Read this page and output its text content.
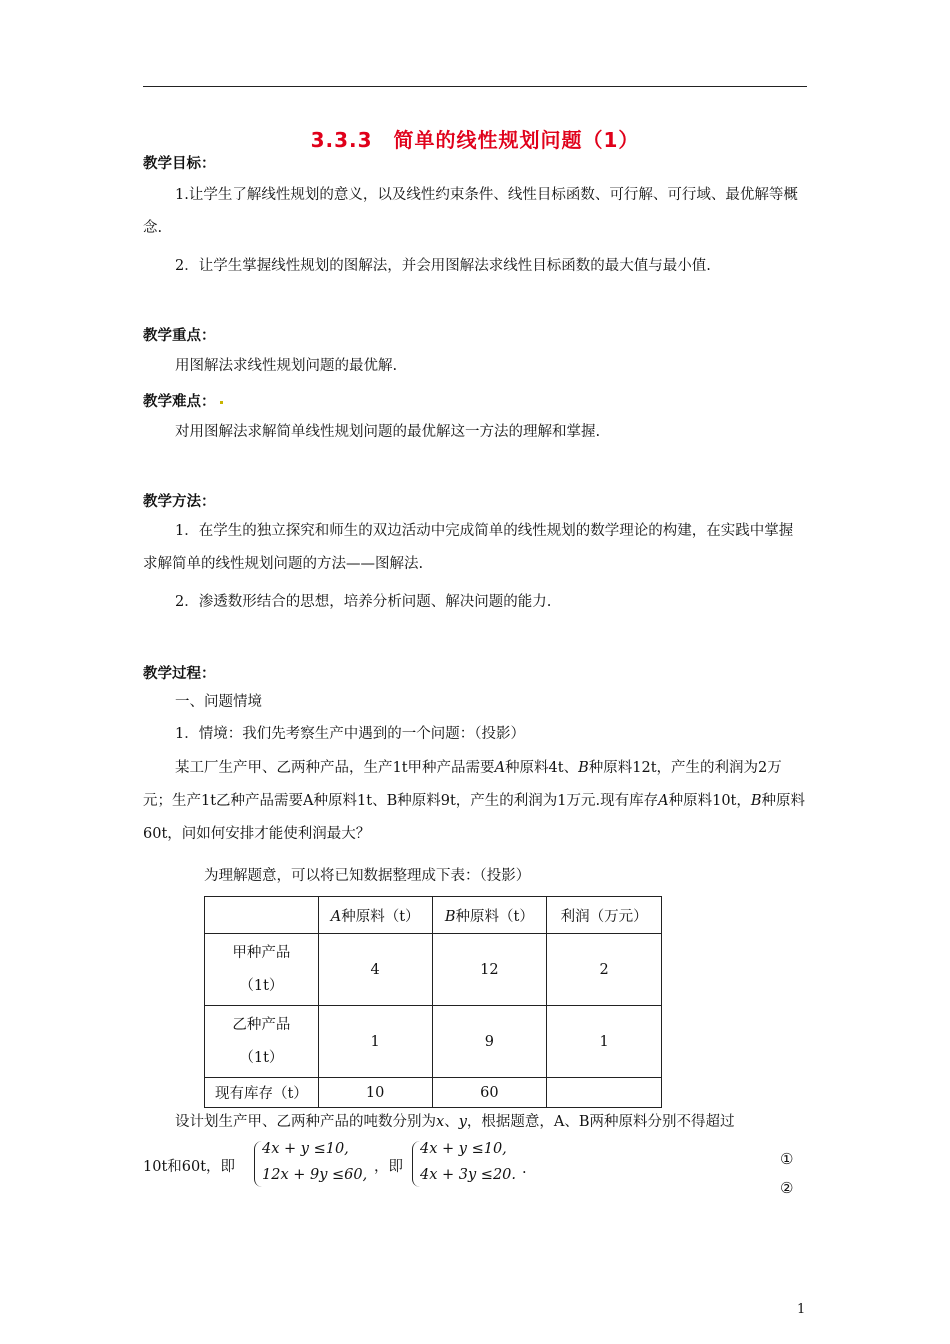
3.3.3　简单的线性规划问题（1）
教学目标：
1.让学生了解线性规划的意义，以及线性约束条件、线性目标函数、可行解、可行域、最优解等概念.
2．让学生掌握线性规划的图解法，并会用图解法求线性目标函数的最大值与最小值.
教学重点：
用图解法求线性规划问题的最优解.
教学难点：
对用图解法求解简单线性规划问题的最优解这一方法的理解和掌握.
教学方法：
1．在学生的独立探究和师生的双边活动中完成简单的线性规划的数学理论的构建，在实践中掌握求解简单的线性规划问题的方法——图解法.
2．渗透数形结合的思想，培养分析问题、解决问题的能力.
教学过程：
一、问题情境
1．情境：我们先考察生产中遇到的一个问题：（投影）
某工厂生产甲、乙两种产品，生产1t甲种产品需要A种原料4t、B种原料12t，产生的利润为2万元；生产1t乙种产品需要A种原料1t、B种原料9t，产生的利润为1万元.现有库存A种原料10t，B种原料60t，问如何安排才能使利润最大？
为理解题意，可以将已知数据整理成下表：（投影）
	A种原料（t）	B种原料（t）	利润（万元）

甲种产品
（1t）	4	12	2

乙种产品
（1t）	1	9	1
现有库存（t）	10	60	
设计划生产甲、乙两种产品的吨数分别为x、y，根据题意，A、B两种原料分别不得超过
10t和60t，即
4x + y ≤10,
12x + 9y ≤60, ，即
4x + y ≤10,
4x + 3y ≤20. .
①
②
1
